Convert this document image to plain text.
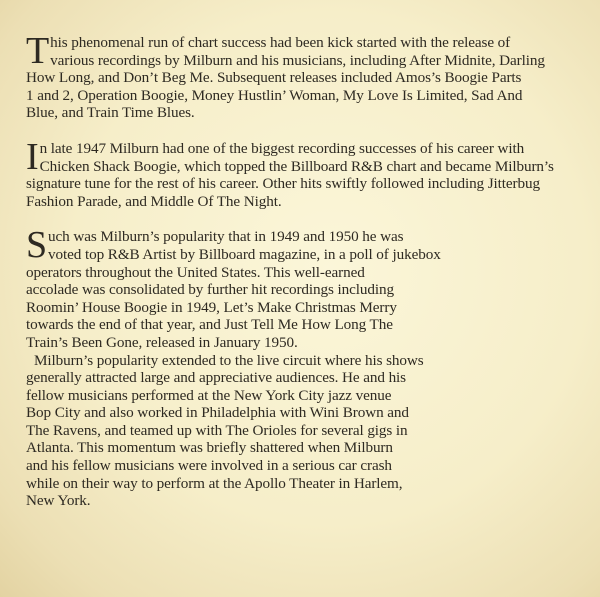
This phenomenal run of chart success had been kick started with the release of
various recordings by Milburn and his musicians, including After Midnite, Darling
How Long, and Don’t Beg Me. Subsequent releases included Amos’s Boogie Parts
1 and 2, Operation Boogie, Money Hustlin’ Woman, My Love Is Limited, Sad And
Blue, and Train Time Blues.

In late 1947 Milburn had one of the biggest recording successes of his career with
Chicken Shack Boogie, which topped the Billboard R&B chart and became Milburn’s
signature tune for the rest of his career. Other hits swiftly followed including Jitterbug
Fashion Parade, and Middle Of The Night.

Such was Milburn’s popularity that in 1949 and 1950 he was
voted top R&B Artist by Billboard magazine, in a poll of jukebox
operators throughout the United States. This well-earned
accolade was consolidated by further hit recordings including
Roomin’ House Boogie in 1949, Let’s Make Christmas Merry
towards the end of that year, and Just Tell Me How Long The
Train’s Been Gone, released in January 1950.

Milburn’s popularity extended to the live circuit where his shows
generally attracted large and appreciative audiences. He and his
fellow musicians performed at the New York City jazz venue
Bop City and also worked in Philadelphia with Wini Brown and
The Ravens, and teamed up with The Orioles for several gigs in
Atlanta. This momentum was briefly shattered when Milburn
and his fellow musicians were involved in a serious car crash
while on their way to perform at the Apollo Theater in Harlem,
New York.
